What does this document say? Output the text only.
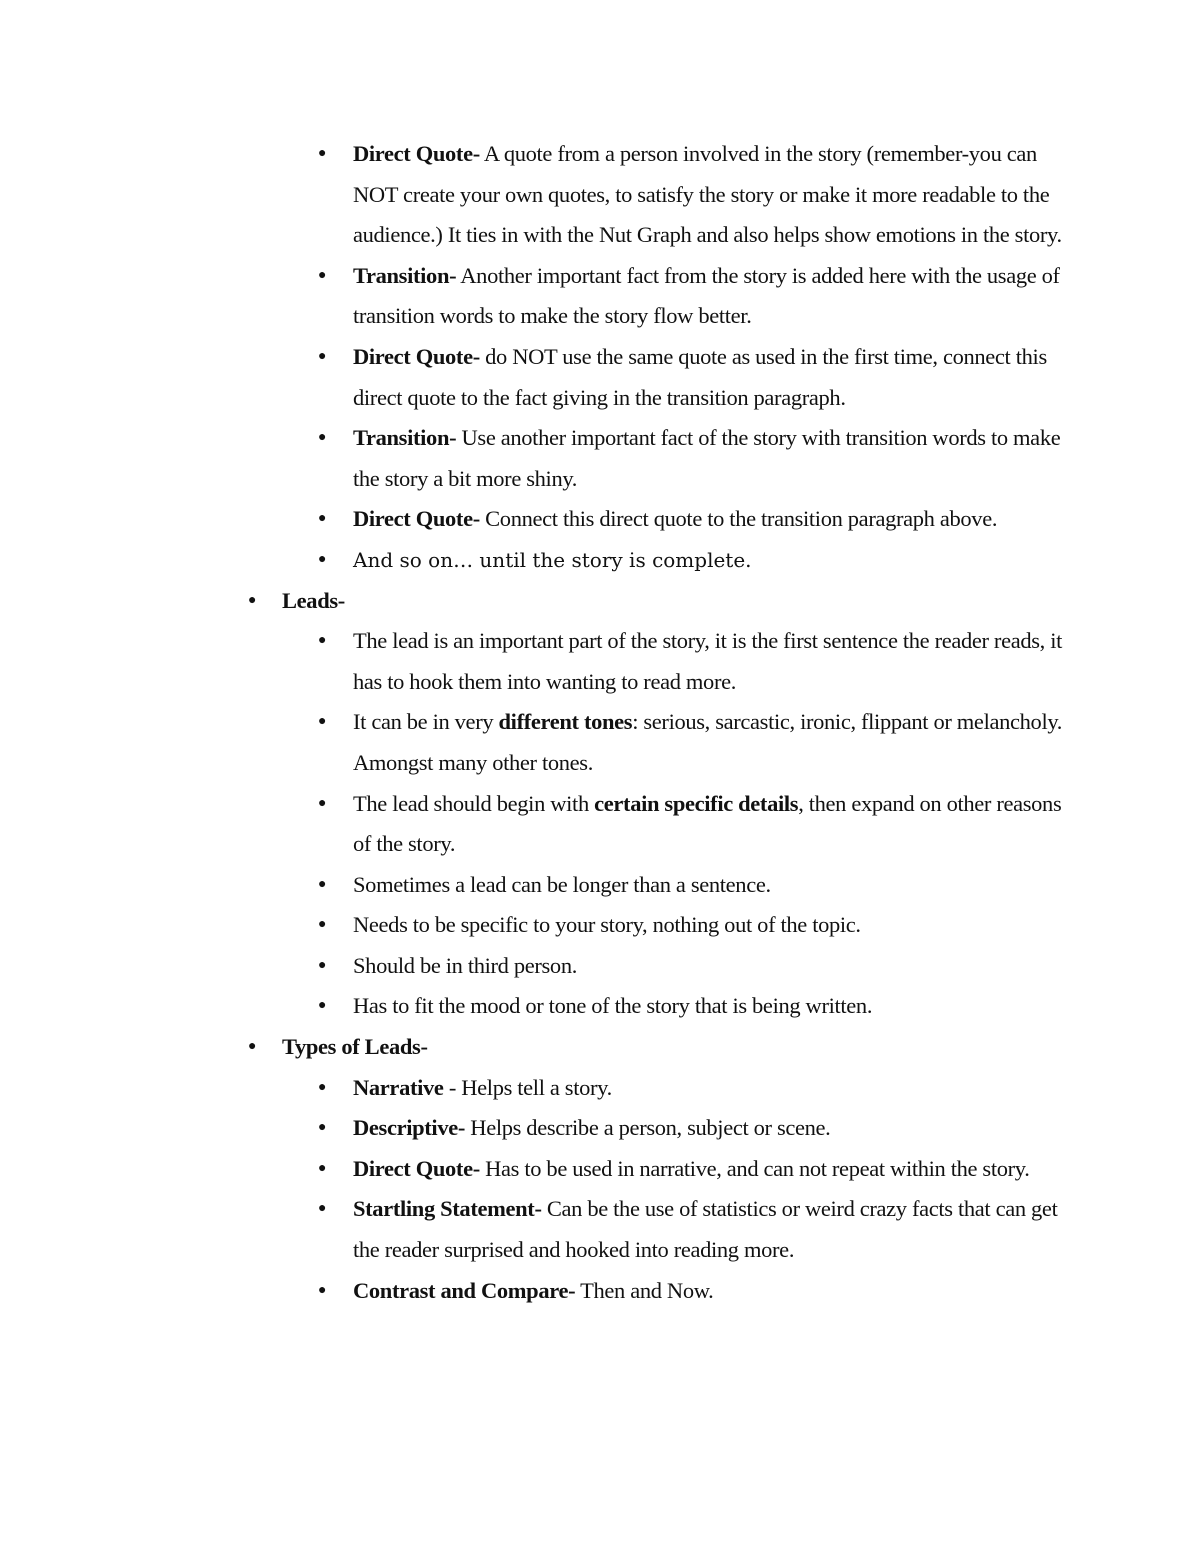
● Direct Quote- A quote from a person involved in the story (remember-you can NOT create your own quotes, to satisfy the story or make it more readable to the audience.) It ties in with the Nut Graph and also helps show emotions in the story.
● Transition- Another important fact from the story is added here with the usage of transition words to make the story flow better.
● Direct Quote- do NOT use the same quote as used in the first time, connect this direct quote to the fact giving in the transition paragraph.
● Transition- Use another important fact of the story with transition words to make the story a bit more shiny.
● Direct Quote- Connect this direct quote to the transition paragraph above.
● And so on… until the story is complete.
● Leads-
● The lead is an important part of the story, it is the first sentence the reader reads, it has to hook them into wanting to read more.
● It can be in very different tones: serious, sarcastic, ironic, flippant or melancholy. Amongst many other tones.
● The lead should begin with certain specific details, then expand on other reasons of the story.
● Sometimes a lead can be longer than a sentence.
● Needs to be specific to your story, nothing out of the topic.
● Should be in third person.
● Has to fit the mood or tone of the story that is being written.
● Types of Leads-
● Narrative - Helps tell a story.
● Descriptive- Helps describe a person, subject or scene.
● Direct Quote- Has to be used in narrative, and can not repeat within the story.
● Startling Statement- Can be the use of statistics or weird crazy facts that can get the reader surprised and hooked into reading more.
● Contrast and Compare- Then and Now.
